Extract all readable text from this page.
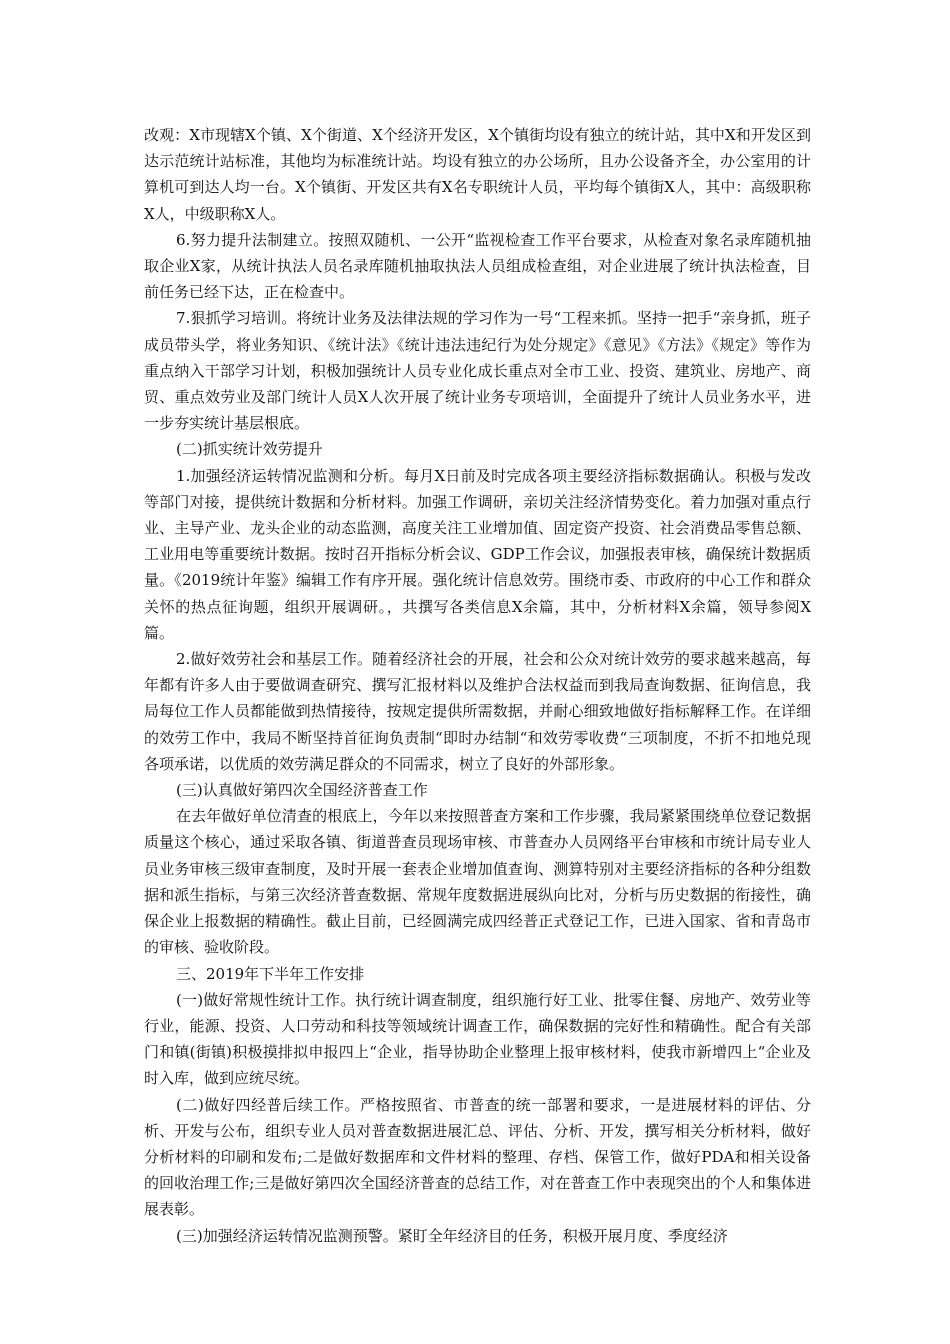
改观：X市现辖X个镇、X个街道、X个经济开发区，X个镇街均设有独立的统计站，其中X和开发区到达示范统计站标准，其他均为标准统计站。均设有独立的办公场所，且办公设备齐全，办公室用的计算机可到达人均一台。X个镇街、开发区共有X名专职统计人员，平均每个镇街X人，其中：高级职称X人，中级职称X人。

6.努力提升法制建立。按照双随机、一公开“监视检查工作平台要求，从检查对象名录库随机抽取企业X家，从统计执法人员名录库随机抽取执法人员组成检查组，对企业进展了统计执法检查，目前任务已经下达，正在检查中。

7.狠抓学习培训。将统计业务及法律法规的学习作为一号“工程来抓。坚持一把手“亲身抓，班子成员带头学，将业务知识、《统计法》《统计违法违纪行为处分规定》《意见》《方法》《规定》等作为重点纳入干部学习计划，积极加强统计人员专业化成长重点对全市工业、投资、建筑业、房地产、商贸、重点效劳业及部门统计人员X人次开展了统计业务专项培训，全面提升了统计人员业务水平，进一步夯实统计基层根底。

(二)抓实统计效劳提升

1.加强经济运转情况监测和分析。每月X日前及时完成各项主要经济指标数据确认。积极与发改等部门对接，提供统计数据和分析材料。加强工作调研，亲切关注经济情势变化。着力加强对重点行业、主导产业、龙头企业的动态监测，高度关注工业增加值、固定资产投资、社会消费品零售总额、工业用电等重要统计数据。按时召开指标分析会议、GDP工作会议，加强报表审核，确保统计数据质量。《2019统计年鉴》编辑工作有序开展。强化统计信息效劳。围绕市委、市政府的中心工作和群众关怀的热点征询题，组织开展调研。，共撰写各类信息X余篇，其中，分析材料X余篇，领导参阅X篇。

2.做好效劳社会和基层工作。随着经济社会的开展，社会和公众对统计效劳的要求越来越高，每年都有许多人由于要做调查研究、撰写汇报材料以及维护合法权益而到我局查询数据、征询信息，我局每位工作人员都能做到热情接待，按规定提供所需数据，并耐心细致地做好指标解释工作。在详细的效劳工作中，我局不断坚持首征询负责制“即时办结制“和效劳零收费“三项制度，不折不扣地兑现各项承诺，以优质的效劳满足群众的不同需求，树立了良好的外部形象。

(三)认真做好第四次全国经济普查工作

在去年做好单位清查的根底上，今年以来按照普查方案和工作步骤，我局紧紧围绕单位登记数据质量这个核心，通过采取各镇、街道普查员现场审核、市普查办人员网络平台审核和市统计局专业人员业务审核三级审查制度，及时开展一套表企业增加值查询、测算特别对主要经济指标的各种分组数据和派生指标，与第三次经济普查数据、常规年度数据进展纵向比对，分析与历史数据的衔接性，确保企业上报数据的精确性。截止目前，已经圆满完成四经普正式登记工作，已进入国家、省和青岛市的审核、验收阶段。

三、2019年下半年工作安排

(一)做好常规性统计工作。执行统计调查制度，组织施行好工业、批零住餐、房地产、效劳业等行业，能源、投资、人口劳动和科技等领域统计调查工作，确保数据的完好性和精确性。配合有关部门和镇(街镇)积极摸排拟申报四上“企业，指导协助企业整理上报审核材料，使我市新增四上“企业及时入库，做到应统尽统。

(二)做好四经普后续工作。严格按照省、市普查的统一部署和要求，一是进展材料的评估、分析、开发与公布，组织专业人员对普查数据进展汇总、评估、分析、开发，撰写相关分析材料，做好分析材料的印刷和发布;二是做好数据库和文件材料的整理、存档、保管工作，做好PDA和相关设备的回收治理工作;三是做好第四次全国经济普查的总结工作，对在普查工作中表现突出的个人和集体进展表彰。

(三)加强经济运转情况监测预警。紧盯全年经济目的任务，积极开展月度、季度经济
